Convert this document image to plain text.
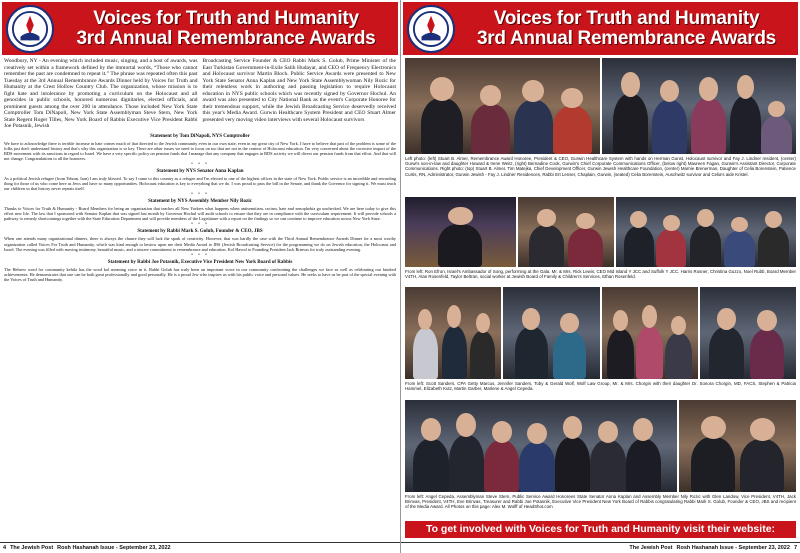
Voices for Truth and Humanity
3rd Annual Remembrance Awards

Woodbury, NY - An evening which included music, singing, and a host of awards, was creatively set within a framework defined by the immortal words, “Those who cannot remember the past are condemned to repeat it.” The phrase was repeated often this past Tuesday at the 3rd Annual Remembrance Awards Dinner held by Voices for Truth and Humanity at the Crest Hollow Country Club. The organization, whose mission is to fight hate and intolerance by promoting a curriculum on the Holocaust and all genocides in public schools, honored numerous dignitaries, elected officials, and prominent guests among the over 200 in attendance. Those included New York State Comptroller Tom DiNapoli, New York State Assemblyman Steve Stern, New York State Regent Roger Tilles, New York Board of Rabbis Executive Vice President Rabbi Joe Potasnik, Jewish

Broadcasting Service Founder & CEO Rabbi Mark S. Golub, Prime Minister of the East Turkistan Government-in-Exile Salih Hudayar, and CEO of Frequency Electronics and Holocaust survivor Martin Bloch. Public Service Awards were presented to New York State Senator Anna Kaplan and New York State Assemblywoman Nily Rozic for their relentless work in authoring and passing legislation to require Holocaust education in NYS public schools which was recently signed by Governor Hochul. An award was also presented to City National Bank as the event's Corporate Honoree for their tremendous support, while the Jewish Broadcasting Service deservedly received this year's Media Award. Gurwin Healthcare System President and CEO Stuart Almer presented very moving video interviews with several Holocaust survivors

Statement by Tom DiNapoli, NYS Comptroller

We have to acknowledge there is terrible increase in hate crimes much of that directed to the Jewish community even in our own state, even in my great city of New York. I have to believe that part of the problem is some of the folks just don't understand history and that's why this organization is so key. There are other issues we need to focus on too that are not in the context of Holocaust education. I'm very concerned about the corrosive impact of the BDS movement with its sanctions in regard to Israel. We have a very specific policy on pension funds that I manage that any company that engages in BDS activity we will divest our pension funds from that effort. And that will not change. Congratulations to all the honorees.

• • •
Statement by NYS Senator Anna Kaplan

As a political Jewish refugee (from Tehran, Iran) I am truly blessed. To say I came to this country as a refugee and I'm elected to one of the highest offices in the state of New York. Public service is an incredible and rewarding thing for those of us who come here as Jews and have so many opportunities. Holocaust education is key to everything that we do. I was proud to pass the bill in the Senate, and thank the Governor for signing it. We must teach our children so that history never repeats itself.

• • •
Statement by NYS Assembly Member Nily Rozic

Thanks to Voices for Truth & Humanity - Board Members for being an organization that teaches all New Yorkers what happens when antisemitism, racism, hate and xenophobia go unchecked. We are here today to give this effort new life. The law that I sponsored with Senator Kaplan that was signed last month by Governor Hochul will audit schools to ensure that they are in compliance with the curriculum requirement. It will provide schools a pathway to remedy shortcomings together with the State Education Department and will provide members of the Legislature with a report on the findings so we can continue to improve education across New York State.

• • •
Statement by Rabbi Mark S. Golub, Founder & CEO, JBS

When one attends many organizational dinners, there is always the chance they will lack the spark of creativity. However, that was hardly the case with the Third Annual Remembrance Awards Dinner for a most worthy organization called Voices For Truth and Humanity, which was kind enough to bestow upon me their Media Award to JBS (Jewish Broadcasting Service) for the programming we do on Jewish education, the Holocaust and Israel. The evening was filled with moving testimony, beautiful music, and a sincere commitment to remembrance and education. Kol Havod to Founding President Jack Brinvas for truly outstanding evening.

• • •
Statement by Rabbi Joe Potasnik, Executive Vice President New York Board of Rabbis

The Hebrew word for community kehila has the word kol meaning voice in it. Rabbi Golub has truly been an important voice in our community confronting the challenges we face as well as celebrating our kindred achievements. He demonstrates that one can be both great professionally and good personally. He is a proud Jew who inspires us with his public voice and personal values. He seeks to have us be part of the special evening with the Voices of Truth and Humanity.

4 The Jewish Post Rosh Hashanah Issue - September 23, 2022
Voices for Truth and Humanity
3rd Annual Remembrance Awards
Left photo: (left) Stuart B. Almer, Remembrance Award Honoree, President & CEO, Gurwin Healthcare System with hands on Herman Gunst, Holocaust survivor and Fay J. Lindner resident, (center) Gurwi's son-in-law and daughter Howard & Irene Weitz, (right) Bernadine Cook, Gurwin's Chief Corporate Communications Officer, (below right) Maureen Fagan, Gurwin's Assistant Director, Corporate Communications. Right photo: (top) Stuart B. Almer, Tim Matejka, Chief Development Officer, Gurwin Jewish Healthcare Foundation, (center) Marnie Brenerman, Daughter of Celia Borenstein, Patience Curtis, RN, Administrator, Gurwin Jewish - Fay J. Lindner Residences, Rabbi Ert Lenser, Chaplain, Gurwin, (seated) Celia Borenstein, Auschwitz survivor and Celia's aide Kristel.
From left: Ron Efron, Israel's Ambassador of Song, performing at the Gala. Mr. & Mrs. Rick Lewis, CEO Mid Island Y JCC and Suffolk Y JCC. Harris Rosner, Christina Guzzo, Noel Rubb, Board Member V4TH, Alan Rosenfeld, Taylor Beltran, social worker at Jewish Board of Family & Children's Services, Ethan Rosenfeld.
From left: Scott Sanders, CPA Getty Marcus, Jennifer Sanders, Toby & Gerald Wolf, Wolf Law Group, Mr. & Mrs. Chorgin with their daughter Dr. Sonora Chorgin, MD, FACS, Stephen & Patricia Hammel, Elizabeth Kutz, Martin Garber, Marlene & Angel Cepeda.
From left: Angel Cepeda, Assemblyman Steve Stern, Public Service Award Honorees State Senator Anna Kaplan and Assembly Member Nily Rozic with Glen Landow, Vice President, V4TH, Jack Brinvas, President, V4TH, Eve Brinvas, Treasurer and Rabbi Joe Potasnik, Executive Vice President New York Board of Rabbis congratulating Rabbi Mark S. Golub, Founder & CEO, JBS and recipient of the Media Award. All Photos on this page: Alex M. Wolff of HeadShot.com
To get involved with Voices for Truth and Humanity visit their website: www.v4th.org
The Jewish Post Rosh Hashanah Issue - September 23, 2022 7
